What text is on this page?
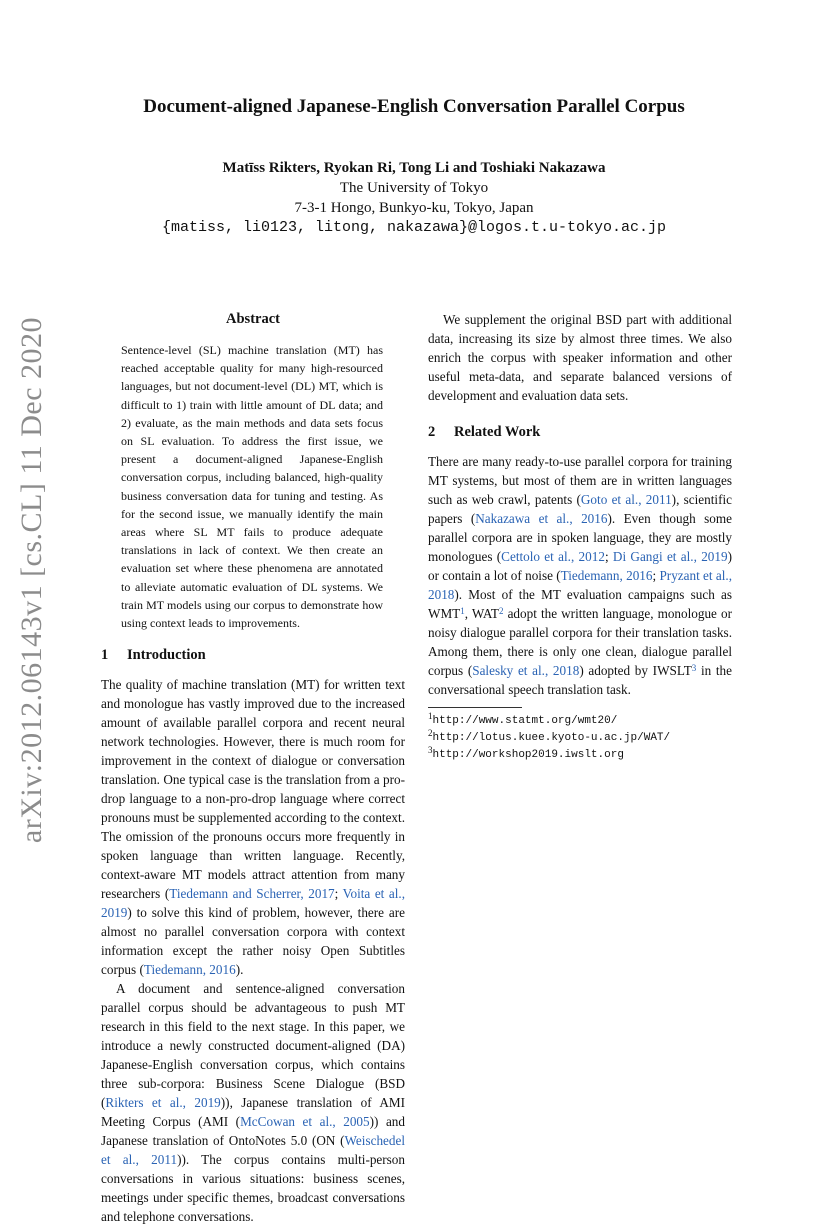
arXiv:2012.06143v1 [cs.CL] 11 Dec 2020
Document-aligned Japanese-English Conversation Parallel Corpus
Matīss Rikters, Ryokan Ri, Tong Li and Toshiaki Nakazawa
The University of Tokyo
7-3-1 Hongo, Bunkyo-ku, Tokyo, Japan
{matiss, li0123, litong, nakazawa}@logos.t.u-tokyo.ac.jp
Abstract

Sentence-level (SL) machine translation (MT) has reached acceptable quality for many high-resourced languages, but not document-level (DL) MT, which is difficult to 1) train with little amount of DL data; and 2) evaluate, as the main methods and data sets focus on SL evaluation. To address the first issue, we present a document-aligned Japanese-English conversation corpus, including balanced, high-quality business conversation data for tuning and testing. As for the second issue, we manually identify the main areas where SL MT fails to produce adequate translations in lack of context. We then create an evaluation set where these phenomena are annotated to alleviate automatic evaluation of DL systems. We train MT models using our corpus to demonstrate how using context leads to improvements.

1 Introduction

The quality of machine translation (MT) for written text and monologue has vastly improved due to the increased amount of available parallel corpora and recent neural network technologies. However, there is much room for improvement in the context of dialogue or conversation translation. One typical case is the translation from a pro-drop language to a non-pro-drop language where correct pronouns must be supplemented according to the context. The omission of the pronouns occurs more frequently in spoken language than written language. Recently, context-aware MT models attract attention from many researchers (Tiedemann and Scherrer, 2017; Voita et al., 2019) to solve this kind of problem, however, there are almost no parallel conversation corpora with context information except the rather noisy Open Subtitles corpus (Tiedemann, 2016).

A document and sentence-aligned conversation parallel corpus should be advantageous to push MT research in this field to the next stage. In this paper, we introduce a newly constructed document-aligned (DA) Japanese-English conversation corpus, which contains three sub-corpora: Business Scene Dialogue (BSD (Rikters et al., 2019)), Japanese translation of AMI Meeting Corpus (AMI (McCowan et al., 2005)) and Japanese translation of OntoNotes 5.0 (ON (Weischedel et al., 2011)). The corpus contains multi-person conversations in various situations: business scenes, meetings under specific themes, broadcast conversations and telephone conversations.

We supplement the original BSD part with additional data, increasing its size by almost three times. We also enrich the corpus with speaker information and other useful meta-data, and separate balanced versions of development and evaluation data sets.

2 Related Work

There are many ready-to-use parallel corpora for training MT systems, but most of them are in written languages such as web crawl, patents (Goto et al., 2011), scientific papers (Nakazawa et al., 2016). Even though some parallel corpora are in spoken language, they are mostly monologues (Cettolo et al., 2012; Di Gangi et al., 2019) or contain a lot of noise (Tiedemann, 2016; Pryzant et al., 2018). Most of the MT evaluation campaigns such as WMT$^1$, WAT$^2$ adopt the written language, monologue or noisy dialogue parallel corpora for their translation tasks. Among them, there is only one clean, dialogue parallel corpus (Salesky et al., 2018) adopted by IWSLT$^3$ in the conversational speech translation task.

$^1$http://www.statmt.org/wmt20/
$^2$http://lotus.kuee.kyoto-u.ac.jp/WAT/
$^3$http://workshop2019.iwslt.org
